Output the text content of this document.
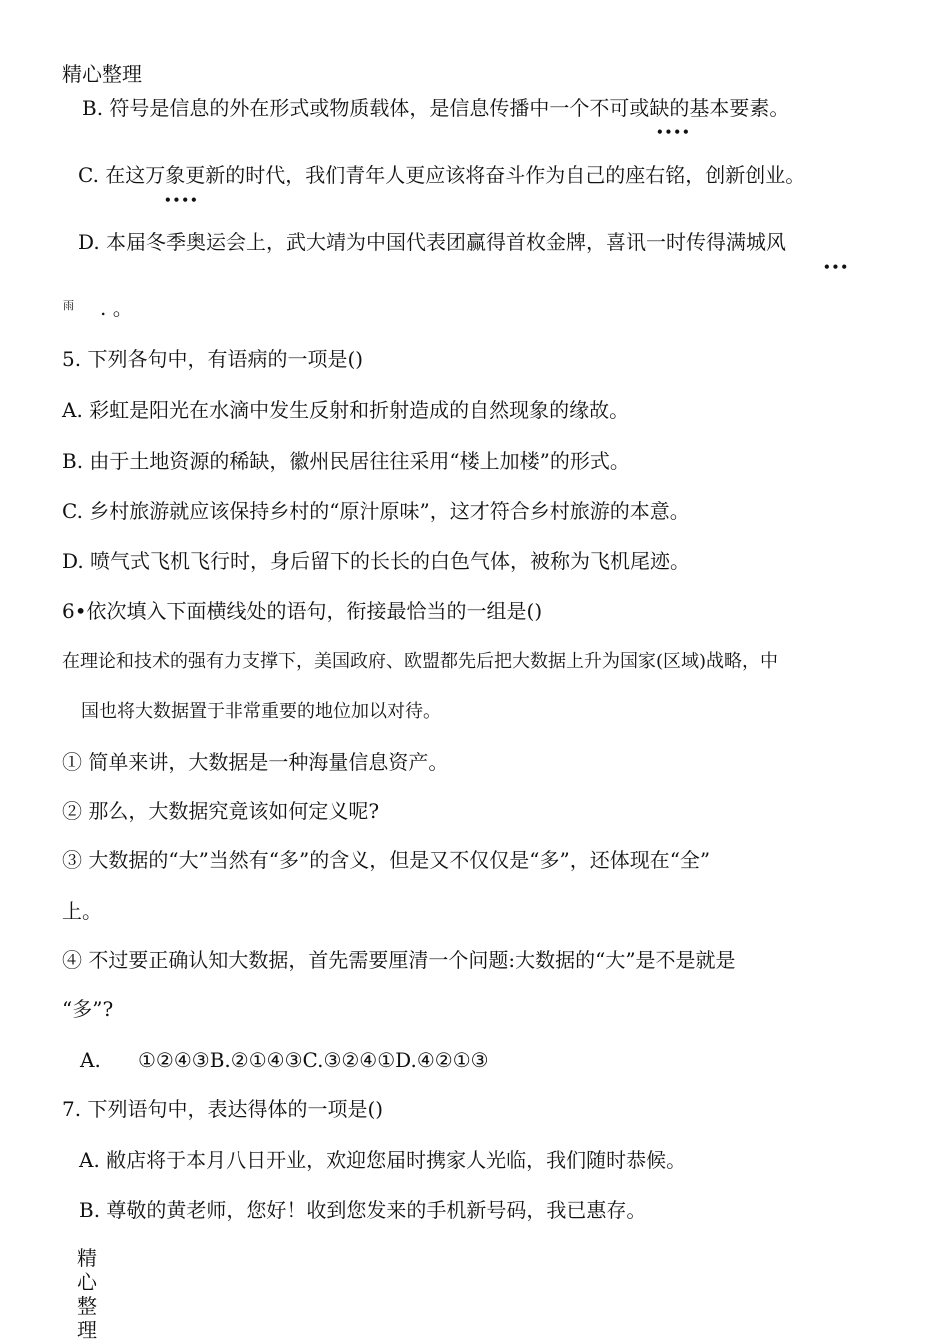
精心整理
B. 符号是信息的外在形式或物质载体，是信息传播中一个不可或缺的基本要素。
••••
C. 在这万象更新的时代，我们青年人更应该将奋斗作为自己的座右铭，创新创业。
••••
D. 本届冬季奥运会上，武大靖为中国代表团赢得首枚金牌，喜讯一时传得满城风
•••
雨 . 。
5. 下列各句中，有语病的一项是()
A. 彩虹是阳光在水滴中发生反射和折射造成的自然现象的缘故。
B. 由于土地资源的稀缺，徽州民居往往采用“楼上加楼”的形式。
C. 乡村旅游就应该保持乡村的“原汁原味”，这才符合乡村旅游的本意。
D. 喷气式飞机飞行时，身后留下的长长的白色气体，被称为飞机尾迹。
6•依次填入下面横线处的语句，衔接最恰当的一组是()
在理论和技术的强有力支撑下，美国政府、欧盟都先后把大数据上升为国家(区域)战略，中
国也将大数据置于非常重要的地位加以对待。
① 简单来讲，大数据是一种海量信息资产。
② 那么，大数据究竟该如何定义呢?
③ 大数据的“大”当然有“多”的含义，但是又不仅仅是“多”，还体现在“全”
上。
④ 不过要正确认知大数据，首先需要厘清一个问题:大数据的“大”是不是就是
“多”?
A. ①②④③B.②①④③C.③②④①D.④②①③
7. 下列语句中，表达得体的一项是()
A. 敝店将于本月八日开业，欢迎您届时携家人光临，我们随时恭候。
B. 尊敬的黄老师，您好！收到您发来的手机新号码，我已惠存。
精
心
整
理
